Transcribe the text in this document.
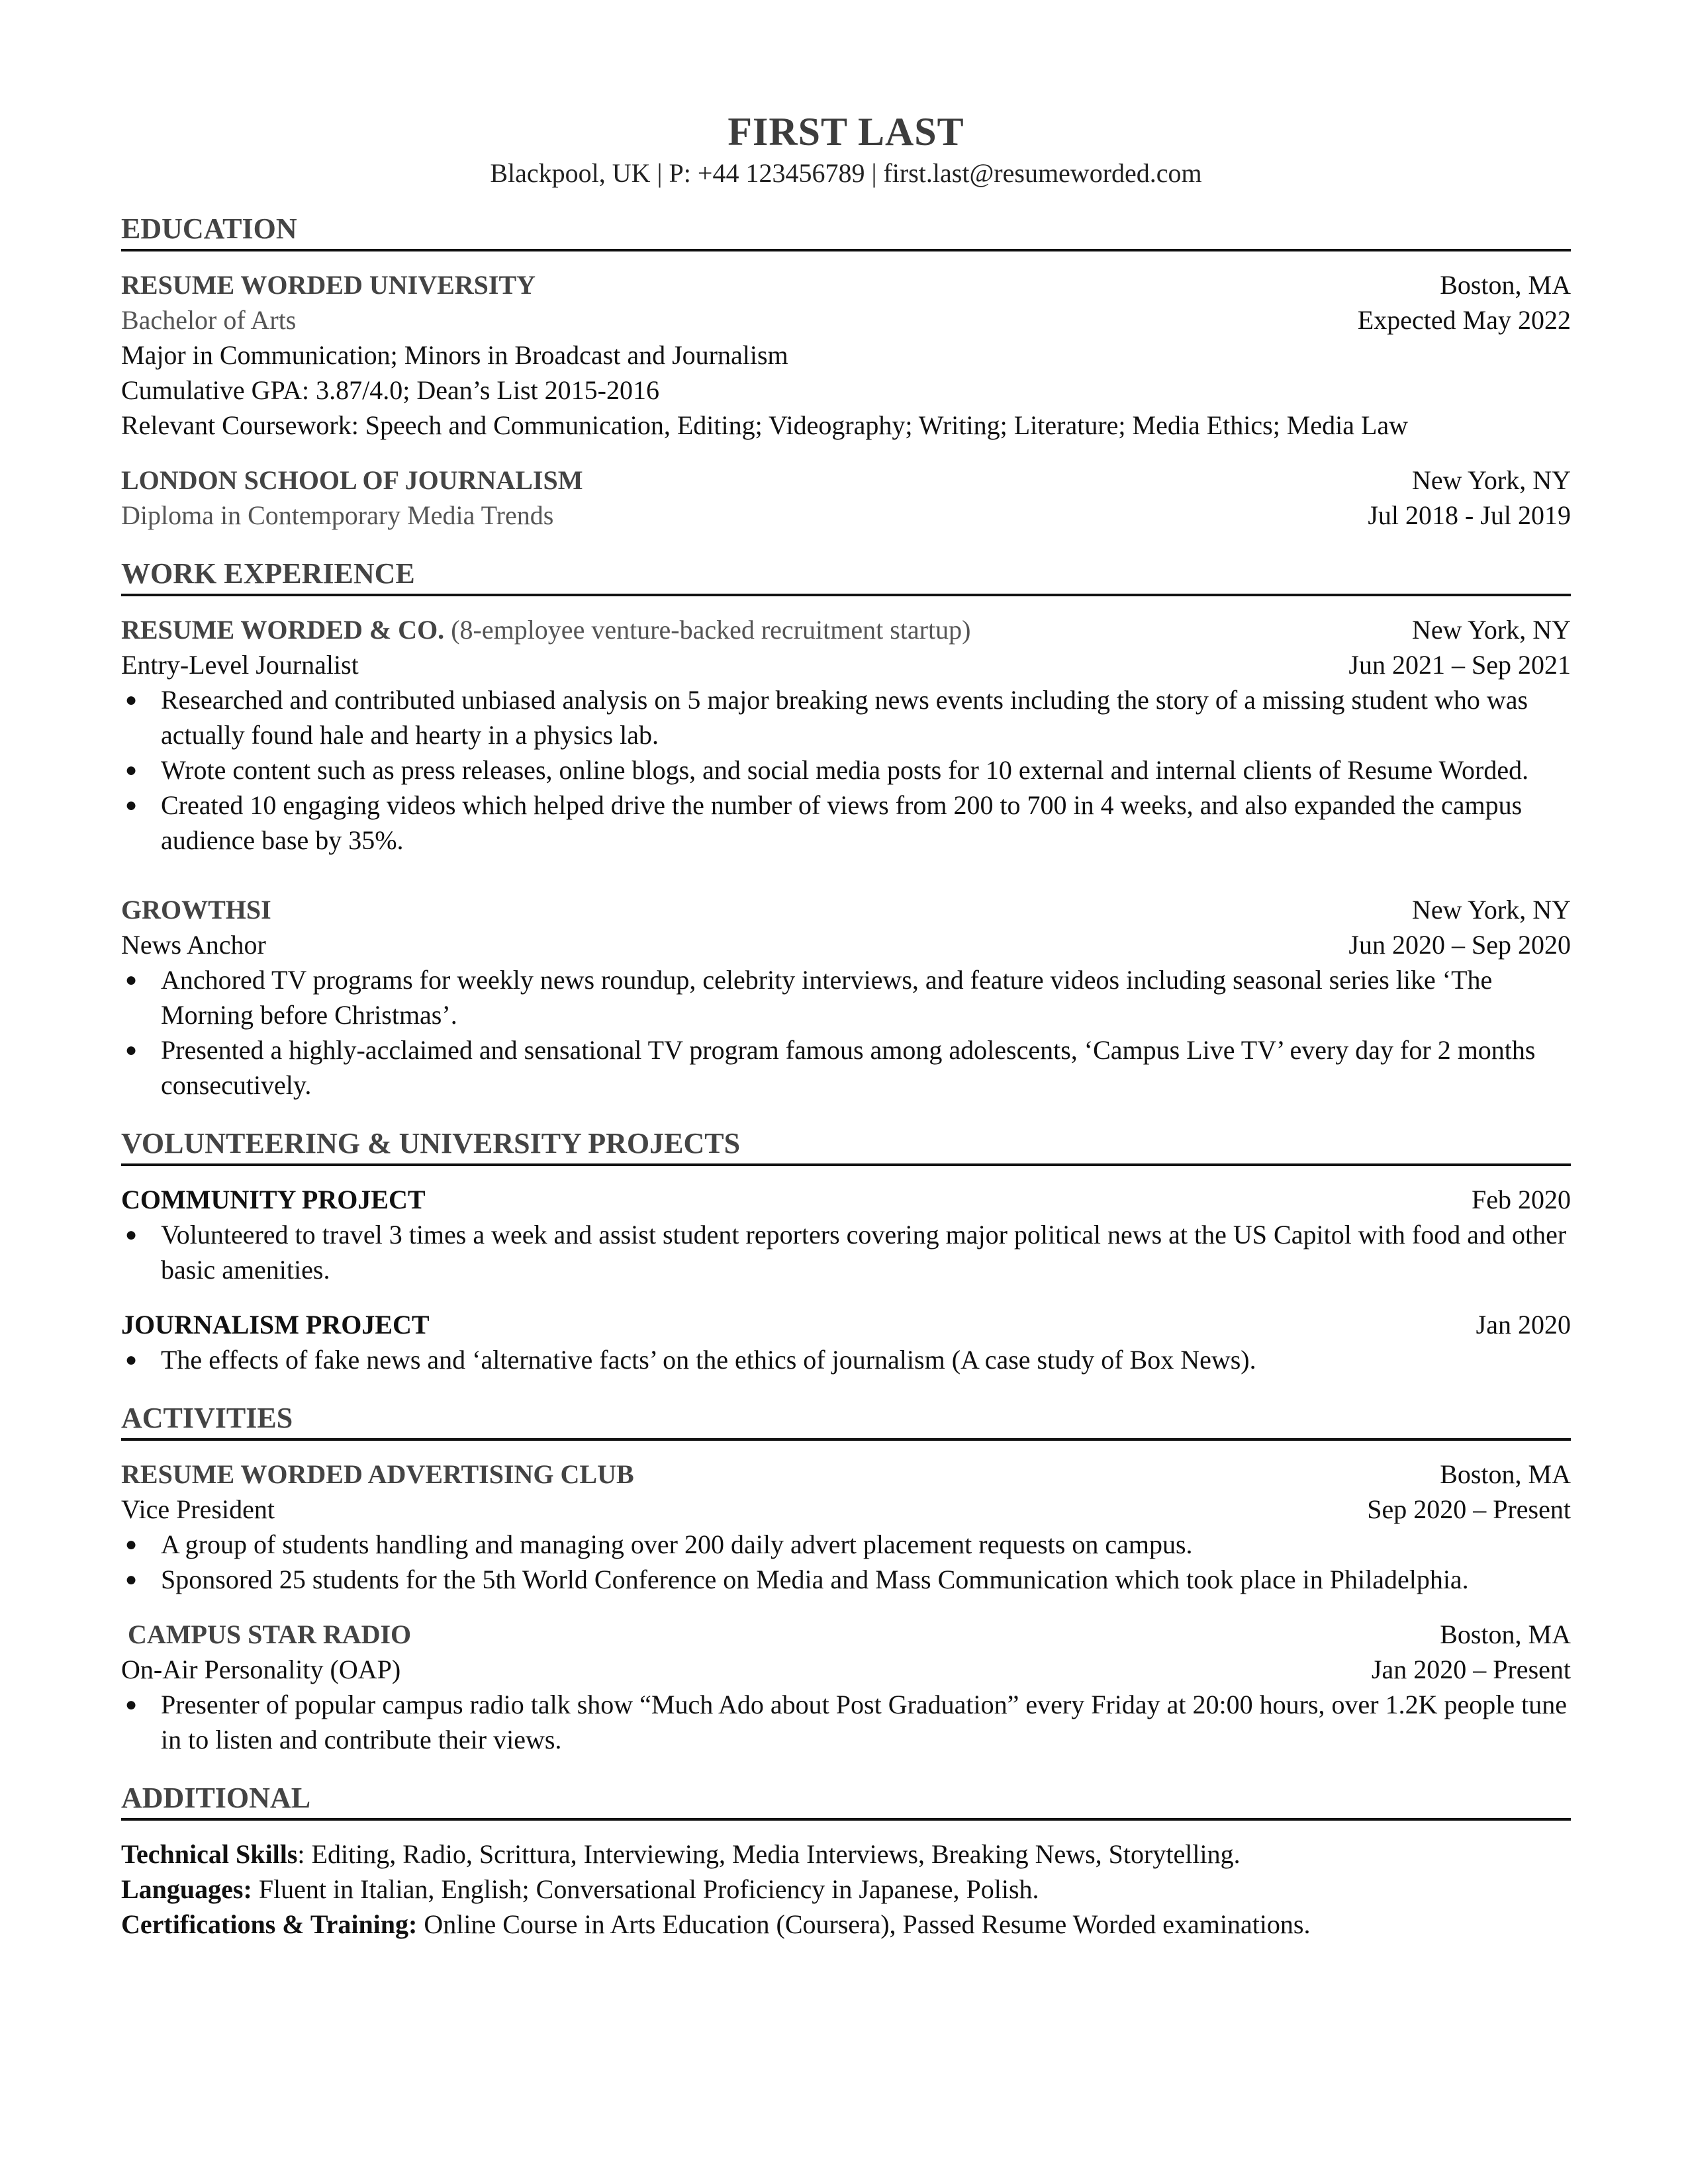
FIRST LAST
Blackpool, UK | P: +44 123456789 | first.last@resumeworded.com
EDUCATION
RESUME WORDED UNIVERSITY	Boston, MA
Bachelor of Arts	Expected May 2022
Major in Communication; Minors in Broadcast and Journalism
Cumulative GPA: 3.87/4.0; Dean’s List 2015-2016
Relevant Coursework: Speech and Communication, Editing; Videography; Writing; Literature; Media Ethics; Media Law
LONDON SCHOOL OF JOURNALISM	New York, NY
Diploma in Contemporary Media Trends	Jul 2018 - Jul 2019
WORK EXPERIENCE
RESUME WORDED & CO. (8-employee venture-backed recruitment startup)	New York, NY
Entry-Level Journalist	Jun 2021 – Sep 2021
● Researched and contributed unbiased analysis on 5 major breaking news events including the story of a missing student who was actually found hale and hearty in a physics lab.
● Wrote content such as press releases, online blogs, and social media posts for 10 external and internal clients of Resume Worded.
● Created 10 engaging videos which helped drive the number of views from 200 to 700 in 4 weeks, and also expanded the campus audience base by 35%.
GROWTHSI	New York, NY
News Anchor	Jun 2020 – Sep 2020
● Anchored TV programs for weekly news roundup, celebrity interviews, and feature videos including seasonal series like ‘The Morning before Christmas’.
● Presented a highly-acclaimed and sensational TV program famous among adolescents, ‘Campus Live TV’ every day for 2 months consecutively.
VOLUNTEERING & UNIVERSITY PROJECTS
COMMUNITY PROJECT	Feb 2020
● Volunteered to travel 3 times a week and assist student reporters covering major political news at the US Capitol with food and other basic amenities.
JOURNALISM PROJECT	Jan 2020
● The effects of fake news and ‘alternative facts’ on the ethics of journalism (A case study of Box News).
ACTIVITIES
RESUME WORDED ADVERTISING CLUB	Boston, MA
Vice President	Sep 2020 – Present
● A group of students handling and managing over 200 daily advert placement requests on campus.
● Sponsored 25 students for the 5th World Conference on Media and Mass Communication which took place in Philadelphia.
CAMPUS STAR RADIO	Boston, MA
On-Air Personality (OAP)	Jan 2020 – Present
● Presenter of popular campus radio talk show “Much Ado about Post Graduation” every Friday at 20:00 hours, over 1.2K people tune in to listen and contribute their views.
ADDITIONAL
Technical Skills: Editing, Radio, Scrittura, Interviewing, Media Interviews, Breaking News, Storytelling.
Languages: Fluent in Italian, English; Conversational Proficiency in Japanese, Polish.
Certifications & Training: Online Course in Arts Education (Coursera), Passed Resume Worded examinations.
